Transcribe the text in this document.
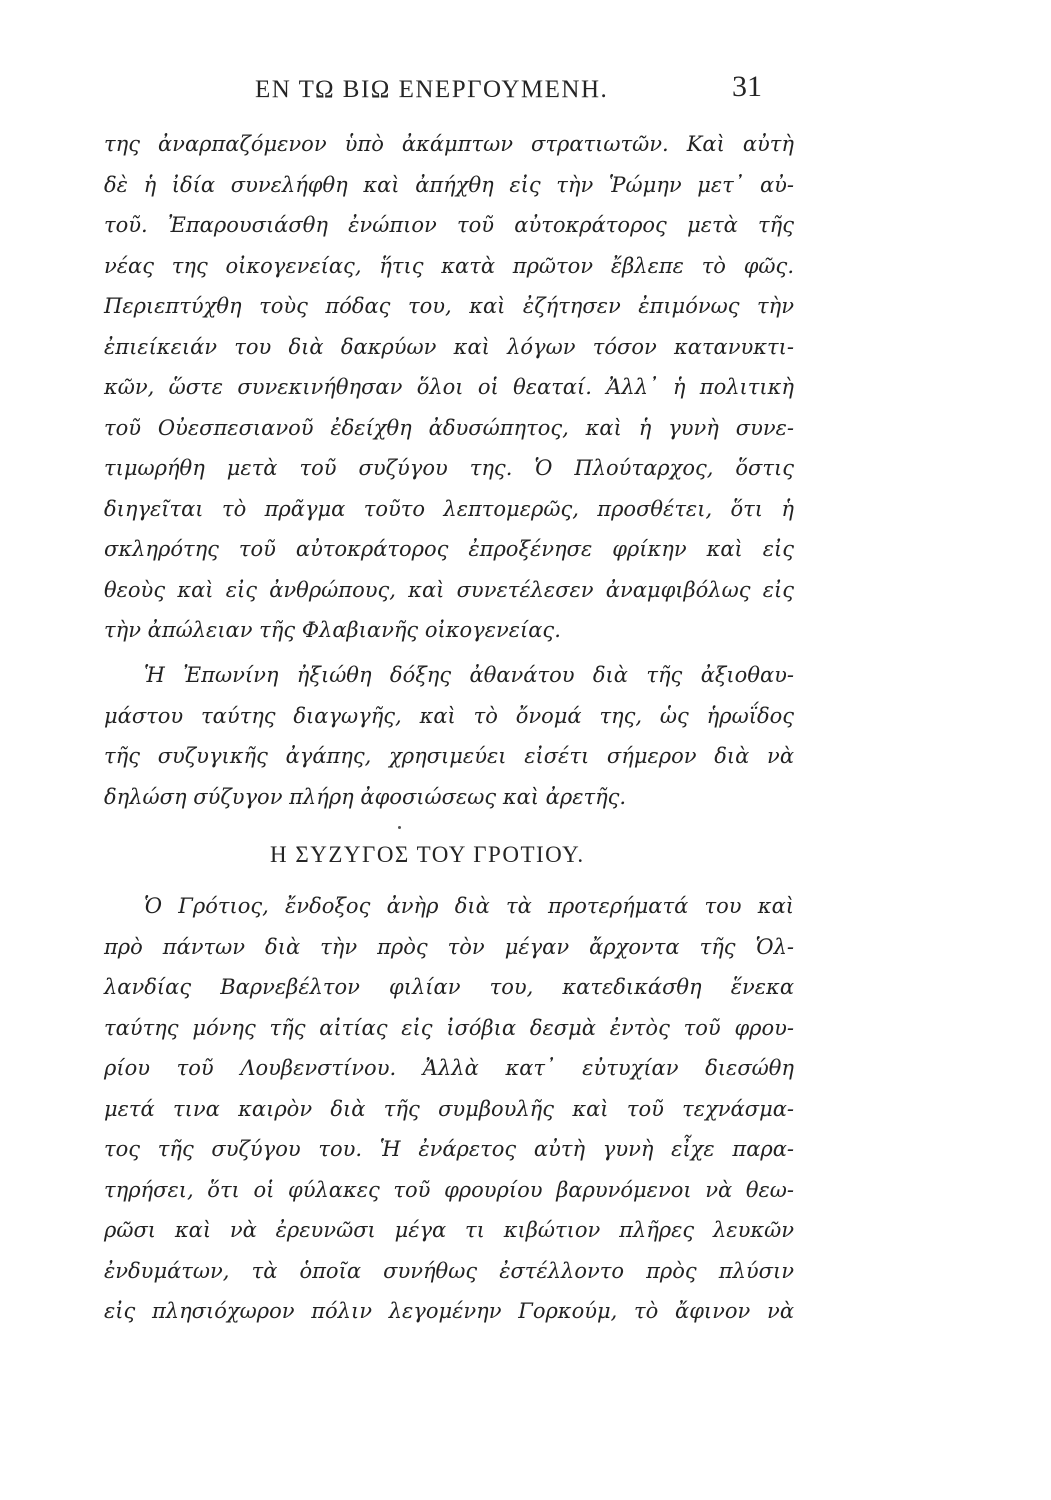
ΕΝ ΤΩ ΒΙΩ ΕΝΕΡΓΟΥΜΕΝΗ.	31
της ἀναρπαζόμενον ὑπὸ ἀκάμπτων στρατιωτῶν. Καὶ αὐτὴ
δὲ ἡ ἰδία συνελήφθη καὶ ἀπήχθη εἰς τὴν Ῥώμην μετ᾽ αὐ-
τοῦ. Ἐπαρουσιάσθη ἐνώπιον τοῦ αὐτοκράτορος μετὰ τῆς
νέας της οἰκογενείας, ἥτις κατὰ πρῶτον ἔβλεπε τὸ φῶς.
Περιεπτύχθη τοὺς πόδας του, καὶ ἐζήτησεν ἐπιμόνως τὴν
ἐπιείκειάν του διὰ δακρύων καὶ λόγων τόσον κατανυκτι-
κῶν, ὥστε συνεκινήθησαν ὅλοι οἱ θεαταί. Ἀλλ᾽ ἡ πολιτικὴ
τοῦ Οὐεσπεσιανοῦ ἐδείχθη ἀδυσώπητος, καὶ ἡ γυνὴ συνε-
τιμωρήθη μετὰ τοῦ συζύγου της. Ὁ Πλούταρχος, ὅστις
διηγεῖται τὸ πρᾶγμα τοῦτο λεπτομερῶς, προσθέτει, ὅτι ἡ
σκληρότης τοῦ αὐτοκράτορος ἐπροξένησε φρίκην καὶ εἰς
θεοὺς καὶ εἰς ἀνθρώπους, καὶ συνετέλεσεν ἀναμφιβόλως εἰς
τὴν ἀπώλειαν τῆς Φλαβιανῆς οἰκογενείας.
Ἡ Ἐπωνίνη ἠξιώθη δόξης ἀθανάτου διὰ τῆς ἀξιοθαυ-
μάστου ταύτης διαγωγῆς, καὶ τὸ ὄνομά της, ὡς ἡρωΐδος
τῆς συζυγικῆς ἀγάπης, χρησιμεύει εἰσέτι σήμερον διὰ νὰ
δηλώση σύζυγον πλήρη ἀφοσιώσεως καὶ ἀρετῆς.
Η ΣΥΖΥΓΟΣ ΤΟΥ ΓΡΟΤΙΟΥ.
Ὁ Γρότιος, ἔνδοξος ἀνὴρ διὰ τὰ προτερήματά του καὶ
πρὸ πάντων διὰ τὴν πρὸς τὸν μέγαν ἄρχοντα τῆς Ὁλ-
λανδίας Βαρνεβέλτον φιλίαν του, κατεδικάσθη ἕνεκα
ταύτης μόνης τῆς αἰτίας εἰς ἰσόβια δεσμὰ ἐντὸς τοῦ φρου-
ρίου τοῦ Λουβενστίνου. Ἀλλὰ κατ᾽ εὐτυχίαν διεσώθη
μετά τινα καιρὸν διὰ τῆς συμβουλῆς καὶ τοῦ τεχνάσμα-
τος τῆς συζύγου του. Ἡ ἐνάρετος αὐτὴ γυνὴ εἶχε παρα-
τηρήσει, ὅτι οἱ φύλακες τοῦ φρουρίου βαρυνόμενοι νὰ θεω-
ρῶσι καὶ νὰ ἐρευνῶσι μέγα τι κιβώτιον πλῆρες λευκῶν
ἐνδυμάτων, τὰ ὁποῖα συνήθως ἐστέλλοντο πρὸς πλύσιν
εἰς πλησιόχωρον πόλιν λεγομένην Γορκούμ, τὸ ἄφινον νὰ
